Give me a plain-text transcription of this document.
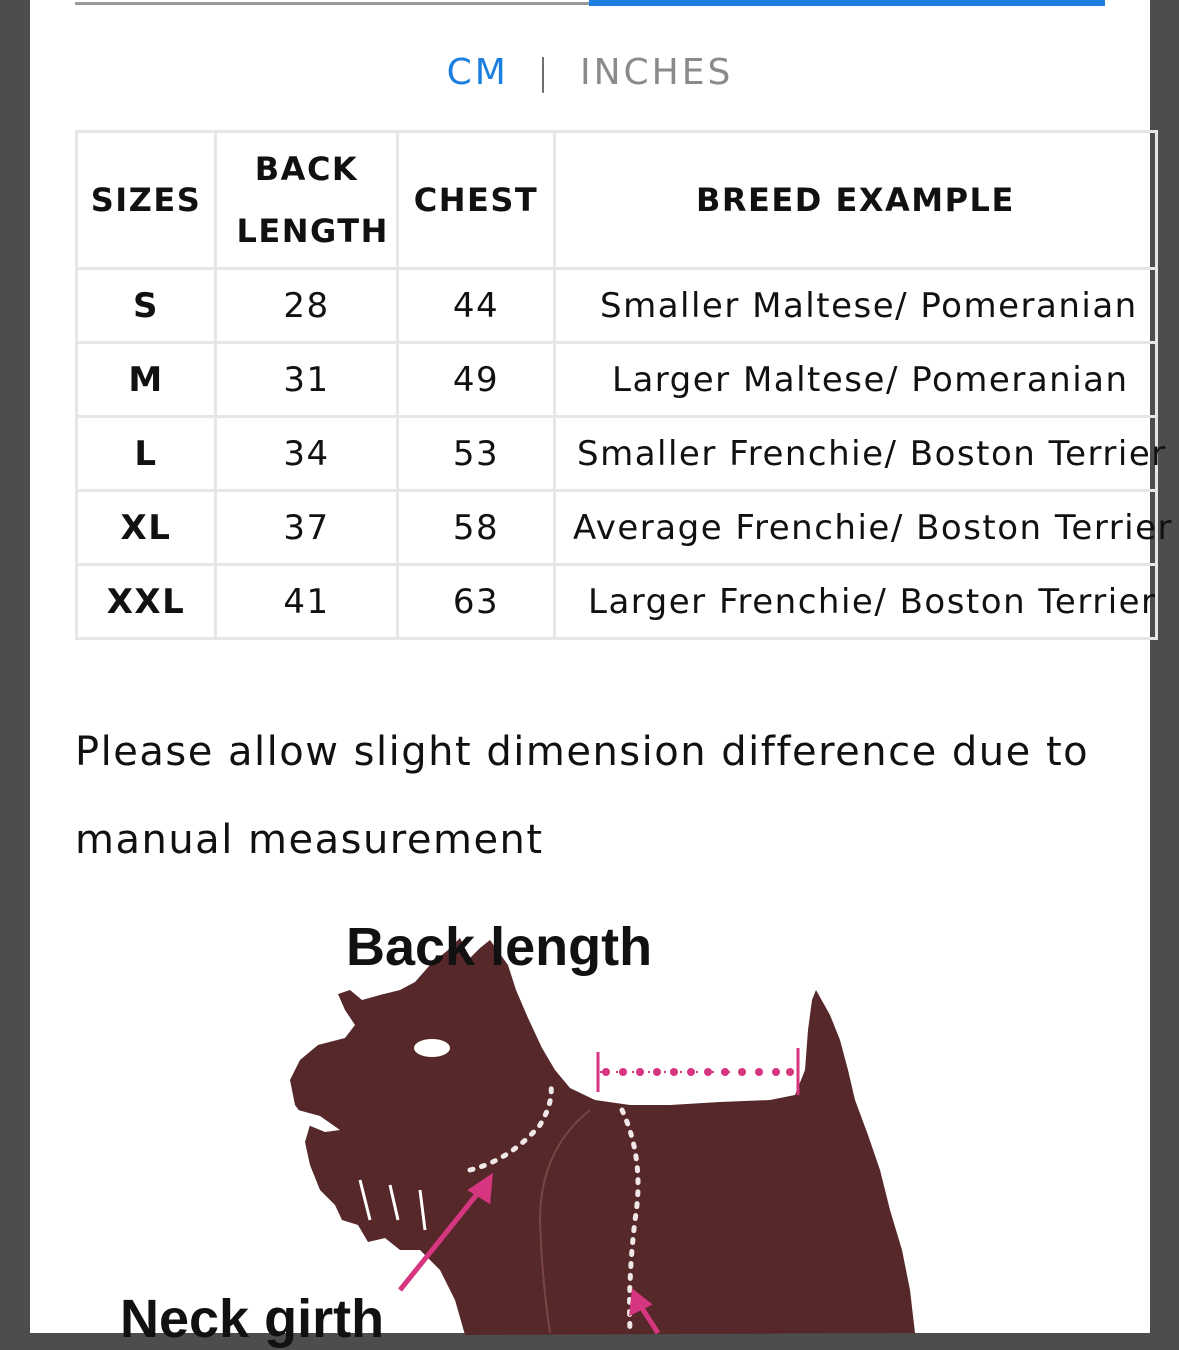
CM | INCHES
SIZES	BACK LENGTH	CHEST	BREED EXAMPLE
S	28	44	Smaller Maltese/ Pomeranian
M	31	49	Larger Maltese/ Pomeranian
L	34	53	Smaller Frenchie/ Boston Terrier
XL	37	58	Average Frenchie/ Boston Terrier
XXL	41	63	Larger Frenchie/ Boston Terrier
Please allow slight dimension difference due to manual measurement
Back length
Neck girth
